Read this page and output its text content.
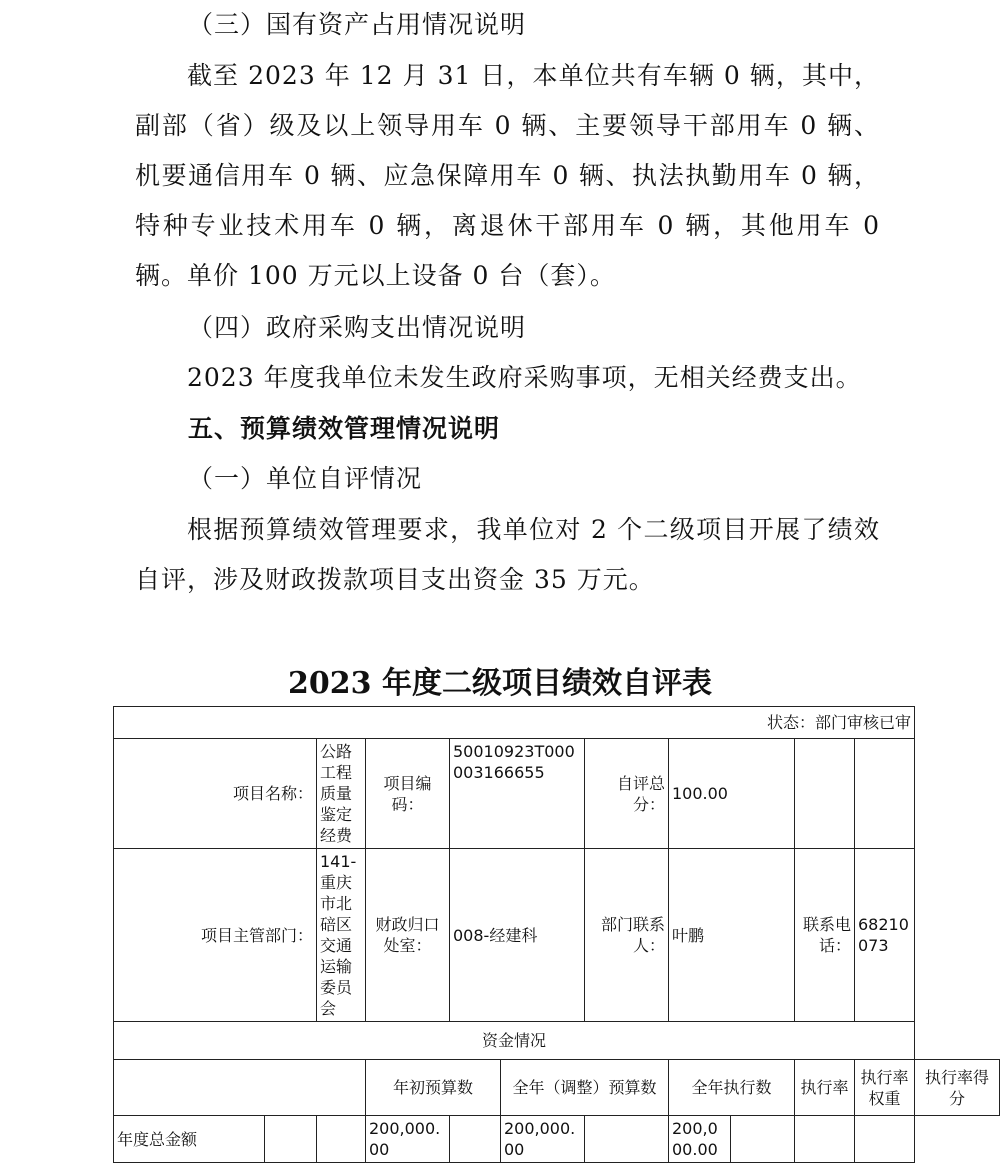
（三）国有资产占用情况说明

截至 2023 年 12 月 31 日，本单位共有车辆 0 辆，其中，副部（省）级及以上领导用车 0 辆、主要领导干部用车 0 辆、机要通信用车 0 辆、应急保障用车 0 辆、执法执勤用车 0 辆，特种专业技术用车 0 辆，离退休干部用车 0 辆，其他用车 0 辆。单价 100 万元以上设备 0 台（套）。

（四）政府采购支出情况说明

2023 年度我单位未发生政府采购事项，无相关经费支出。

五、预算绩效管理情况说明

（一）单位自评情况

根据预算绩效管理要求，我单位对 2 个二级项目开展了绩效自评，涉及财政拨款项目支出资金 35 万元。

2023 年度二级项目绩效自评表
状态：部门审核已审											
项目名称：		公路工程质量鉴定经费	项目编码：	50010923T000003166655		自评总分：	100.00				
项目主管部门：		141-重庆市北碚区交通运输委员会	财政归口处室：	008-经建科		部门联系人：	叶鹏		联系电话：	68210073	
资金情况											
			年初预算数		全年（调整）预算数		全年执行数		执行率	执行率权重	执行率得分
年度总金额			200,000.00		200,000.00		200,000.00				
